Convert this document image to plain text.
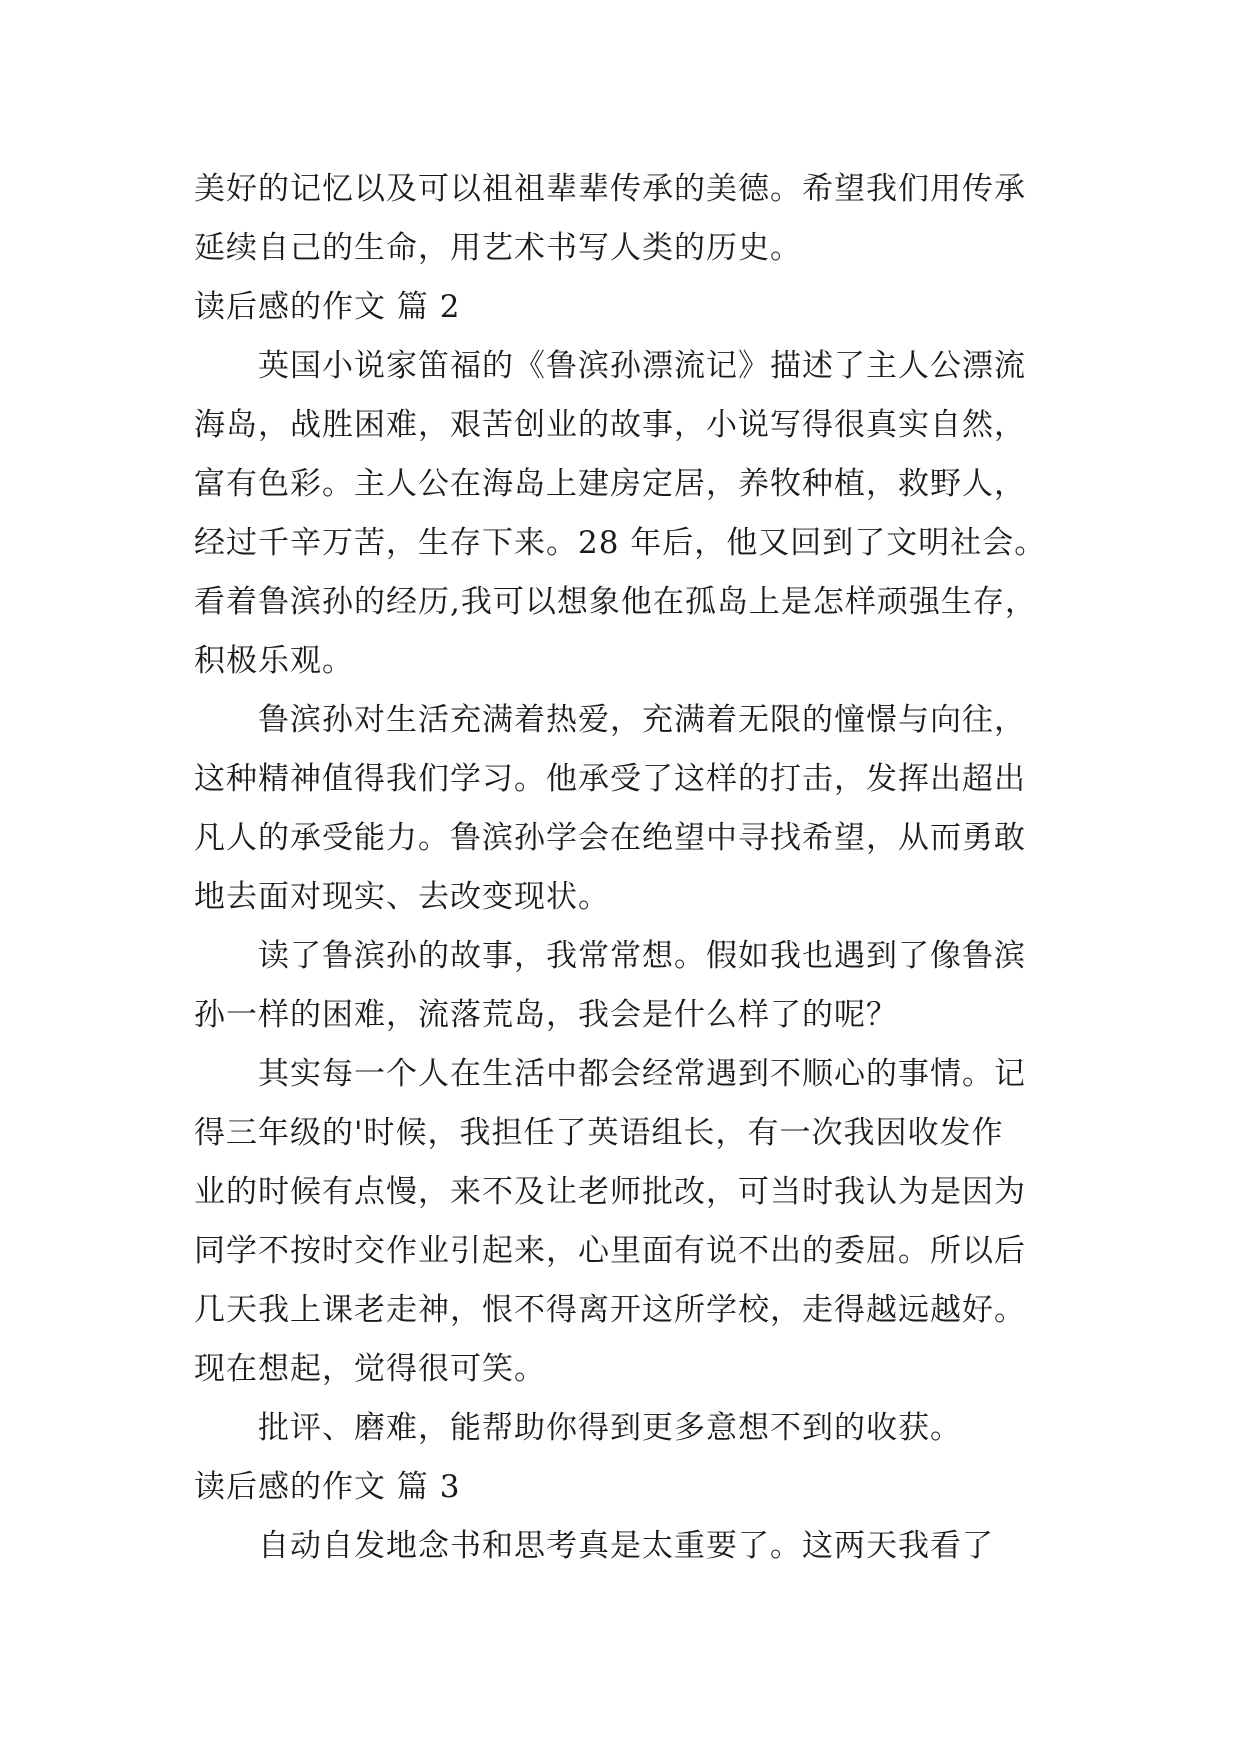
美好的记忆以及可以祖祖辈辈传承的美德。希望我们用传承
延续自己的生命，用艺术书写人类的历史。
读后感的作文 篇 2
英国小说家笛福的《鲁滨孙漂流记》描述了主人公漂流
海岛，战胜困难，艰苦创业的故事，小说写得很真实自然，
富有色彩。主人公在海岛上建房定居，养牧种植，救野人，
经过千辛万苦，生存下来。28 年后，他又回到了文明社会。
看着鲁滨孙的经历,我可以想象他在孤岛上是怎样顽强生存，
积极乐观。
鲁滨孙对生活充满着热爱，充满着无限的憧憬与向往，
这种精神值得我们学习。他承受了这样的打击，发挥出超出
凡人的承受能力。鲁滨孙学会在绝望中寻找希望，从而勇敢
地去面对现实、去改变现状。
读了鲁滨孙的故事，我常常想。假如我也遇到了像鲁滨
孙一样的困难，流落荒岛，我会是什么样了的呢？
其实每一个人在生活中都会经常遇到不顺心的事情。记
得三年级的'时候，我担任了英语组长，有一次我因收发作
业的时候有点慢，来不及让老师批改，可当时我认为是因为
同学不按时交作业引起来，心里面有说不出的委屈。所以后
几天我上课老走神，恨不得离开这所学校，走得越远越好。
现在想起，觉得很可笑。
批评、磨难，能帮助你得到更多意想不到的收获。
读后感的作文 篇 3
自动自发地念书和思考真是太重要了。这两天我看了
